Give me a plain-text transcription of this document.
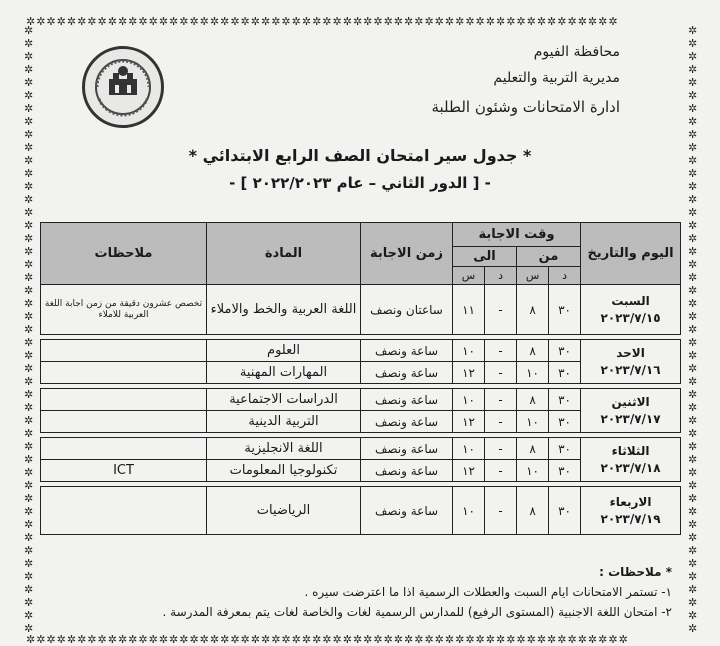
✲✲✲✲✲✲✲✲✲✲✲✲✲✲✲✲✲✲✲✲✲✲✲✲✲✲✲✲✲✲✲✲✲✲✲✲✲✲✲✲✲✲✲✲✲✲✲✲✲✲✲✲✲✲✲✲✲✲
✲✲✲✲✲✲✲✲✲✲✲✲✲✲✲✲✲✲✲✲✲✲✲✲✲✲✲✲✲✲✲✲✲✲✲✲✲✲✲✲✲✲✲✲✲✲✲✲✲✲✲✲✲✲✲✲✲✲✲
✲✲✲✲✲✲✲✲✲✲✲✲✲✲✲✲✲✲✲✲✲✲✲✲✲✲✲✲✲✲✲✲✲✲✲✲✲✲✲✲✲✲✲✲✲✲✲
✲✲✲✲✲✲✲✲✲✲✲✲✲✲✲✲✲✲✲✲✲✲✲✲✲✲✲✲✲✲✲✲✲✲✲✲✲✲✲✲✲✲✲✲✲✲✲
محافظة الفيوم
مديرية التربية والتعليم
ادارة الامتحانات وشئون الطلبة
* جدول سير امتحان الصف الرابع الابتدائي *
- [ الدور الثاني – عام ٢٠٢٢/٢٠٢٣ ] -
اليوم والتاريخ	وقت الاجابة				زمن الاجابة	المادة	ملاحظات
	من		الى				
	د	س	د	س			
السبت
٢٠٢٣/٧/١٥	٣٠	٨	-	١١	ساعتان ونصف	اللغة العربية والخط والاملاء	تخصص عشرون دقيقة من زمن اجابة اللغة العربية للاملاء

الاحد
٢٠٢٣/٧/١٦	٣٠	٨	-	١٠	ساعة ونصف	العلوم	
	٣٠	١٠	-	١٢	ساعة ونصف	المهارات المهنية	

الاثنين
٢٠٢٣/٧/١٧	٣٠	٨	-	١٠	ساعة ونصف	الدراسات الاجتماعية	
	٣٠	١٠	-	١٢	ساعة ونصف	التربية الدينية	

الثلاثاء
٢٠٢٣/٧/١٨	٣٠	٨	-	١٠	ساعة ونصف	اللغة الانجليزية	
	٣٠	١٠	-	١٢	ساعة ونصف	تكنولوجيا المعلومات	ICT

الاربعاء
٢٠٢٣/٧/١٩	٣٠	٨	-	١٠	ساعة ونصف	الرياضيات	
* ملاحظات :
١- تستمر الامتحانات ايام السبت والعطلات الرسمية اذا ما اعترضت سيره .
٢- امتحان اللغة الاجنبية (المستوى الرفيع) للمدارس الرسمية لغات والخاصة لغات يتم بمعرفة المدرسة .
